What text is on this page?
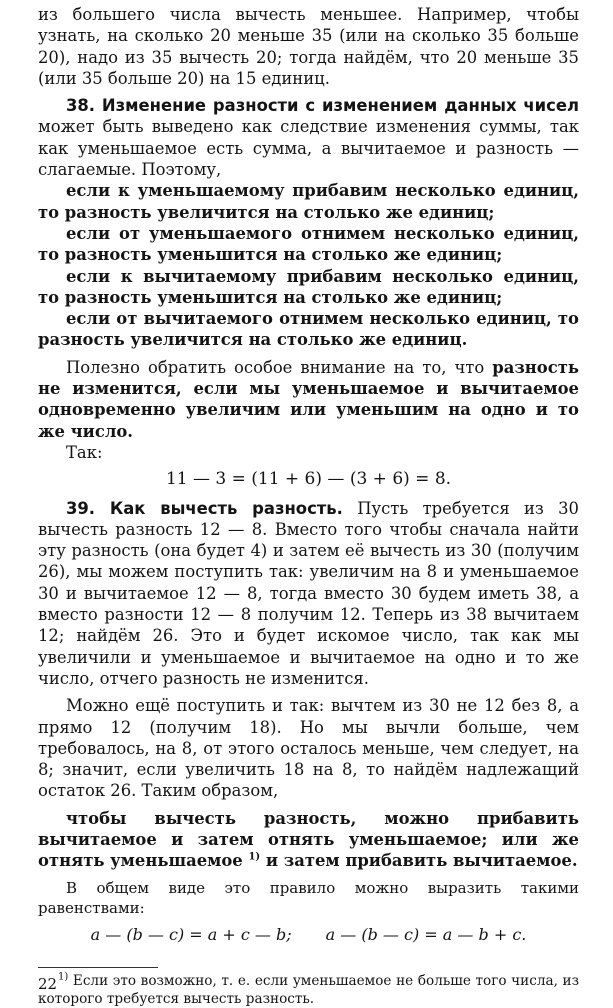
из большего числа вычесть меньшее. Например, чтобы узнать, на сколько 20 меньше 35 (или на сколько 35 больше 20), надо из 35 вычесть 20; тогда найдём, что 20 меньше 35 (или 35 больше 20) на 15 единиц.

38. Изменение разности с изменением данных чисел может быть выведено как следствие изменения суммы, так как уменьшаемое есть сумма, а вычитаемое и разность — слагаемые. Поэтому,

если к уменьшаемому прибавим несколько единиц, то разность увеличится на столько же единиц;

если от уменьшаемого отнимем несколько единиц, то разность уменьшится на столько же единиц;

если к вычитаемому прибавим несколько единиц, то разность уменьшится на столько же единиц;

если от вычитаемого отнимем несколько единиц, то разность увеличится на столько же единиц.

Полезно обратить особое внимание на то, что разность не изменится, если мы уменьшаемое и вычитаемое одновременно увеличим или уменьшим на одно и то же число.

Так:

11 — 3 = (11 + 6) — (3 + 6) = 8.

39. Как вычесть разность. Пусть требуется из 30 вычесть разность 12 — 8. Вместо того чтобы сначала найти эту разность (она будет 4) и затем её вычесть из 30 (получим 26), мы можем поступить так: увеличим на 8 и уменьшаемое 30 и вычитаемое 12 — 8, тогда вместо 30 будем иметь 38, а вместо разности 12 — 8 получим 12. Теперь из 38 вычитаем 12; найдём 26. Это и будет искомое число, так как мы увеличили и уменьшаемое и вычитаемое на одно и то же число, отчего разность не изменится.

Можно ещё поступить и так: вычтем из 30 не 12 без 8, а прямо 12 (получим 18). Но мы вычли больше, чем требовалось, на 8, от этого осталось меньше, чем следует, на 8; значит, если увеличить 18 на 8, то найдём надлежащий остаток 26. Таким образом,

чтобы вычесть разность, можно прибавить вычитаемое и затем отнять уменьшаемое; или же отнять уменьшаемое $^{1)}$ и затем прибавить вычитаемое.

В общем виде это правило можно выразить такими равенствами:

a — (b — c) = a + c — b; a — (b — c) = a — b + c.

$^{1)}$ Если это возможно, т. е. если уменьшаемое не больше того числа, из которого требуется вычесть разность.

22
